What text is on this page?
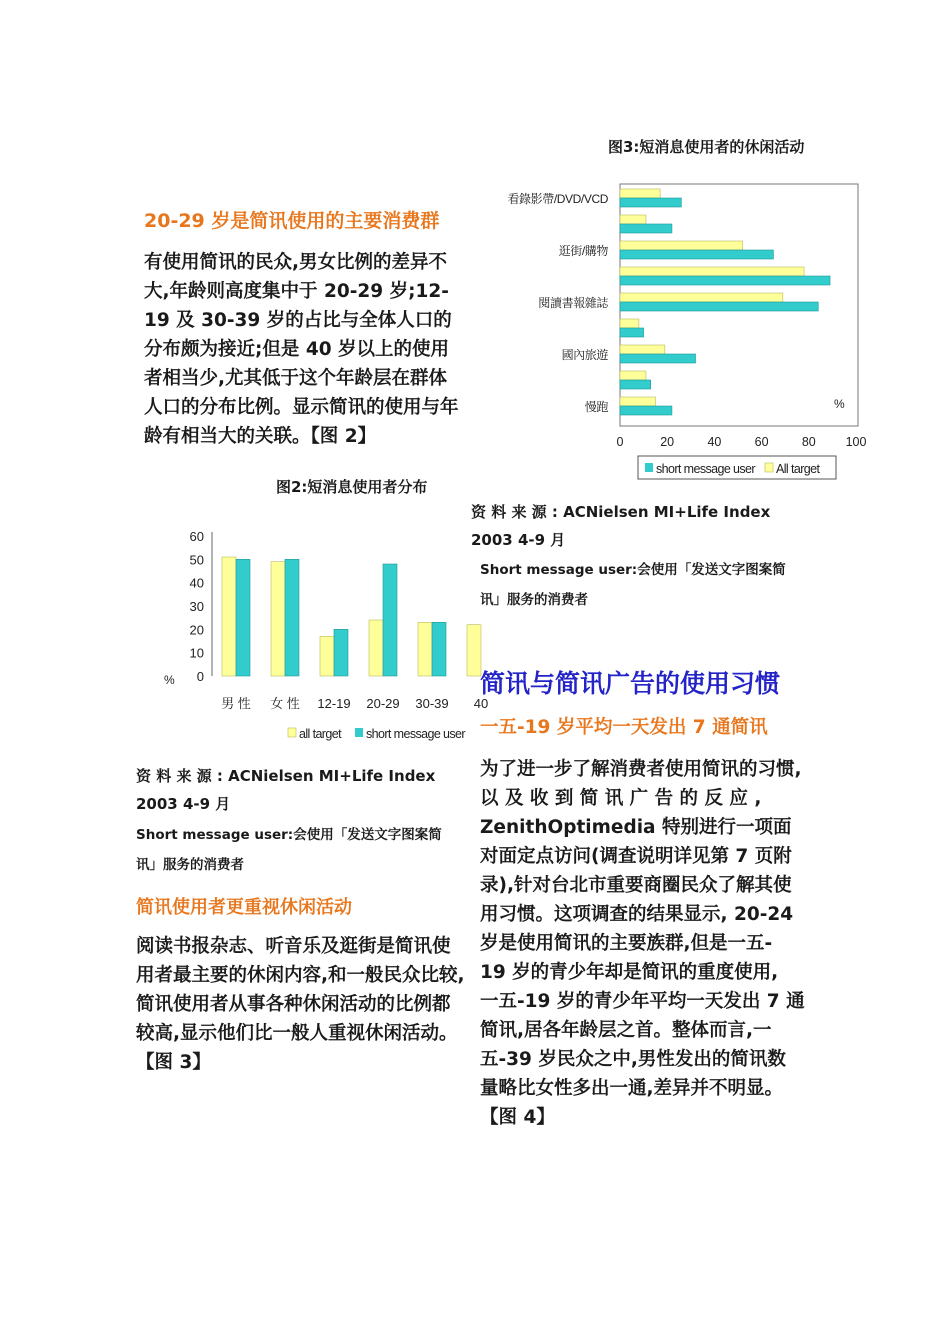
20-29 岁是简讯使用的主要消费群
有使用简讯的民众,男女比例的差异不
大,年龄则高度集中于 20-29 岁;12-
19 及 30-39 岁的占比与全体人口的
分布颇为接近;但是 40 岁以上的使用
者相当少,尤其低于这个年龄层在群体
人口的分布比例。显示简讯的使用与年
龄有相当大的关联。【图 2】
图2:短消息使用者分布
0
10
20
30
40
50
60
%
男 性 女 性 12-19 20-29 30-39 40
all target short message user
资 料 来 源 : ACNielsen MI+Life Index
2003 4-9 月
Short message user:会使用「发送文字图案简
讯」服务的消费者
简讯使用者更重视休闲活动
阅读书报杂志、听音乐及逛街是简讯使
用者最主要的休闲内容,和一般民众比较,
简讯使用者从事各种休闲活动的比例都
较高,显示他们比一般人重视休闲活动。
【图 3】
图3:短消息使用者的休闲活动
看錄影帶/DVD/VCD
逛街/購物
閱讀書報雜誌
國內旅遊
慢跑	%
0	20	40	60	80 100
short message user All target
资 料 来 源 : ACNielsen MI+Life Index
2003 4-9 月
Short message user:会使用「发送文字图案简
讯」服务的消费者
简讯与简讯广告的使用习惯
一五-19 岁平均一天发出 7 通简讯
为了进一步了解消费者使用简讯的习惯,
以 及 收 到 简 讯 广 告 的 反 应 ,
ZenithOptimedia 特别进行一项面
对面定点访问(调查说明详见第 7 页附
录),针对台北市重要商圈民众了解其使
用习惯。这项调查的结果显示, 20-24
岁是使用简讯的主要族群,但是一五-
19 岁的青少年却是简讯的重度使用,
一五-19 岁的青少年平均一天发出 7 通
简讯,居各年龄层之首。整体而言,一
五-39 岁民众之中,男性发出的简讯数
量略比女性多出一通,差异并不明显。
【图 4】
